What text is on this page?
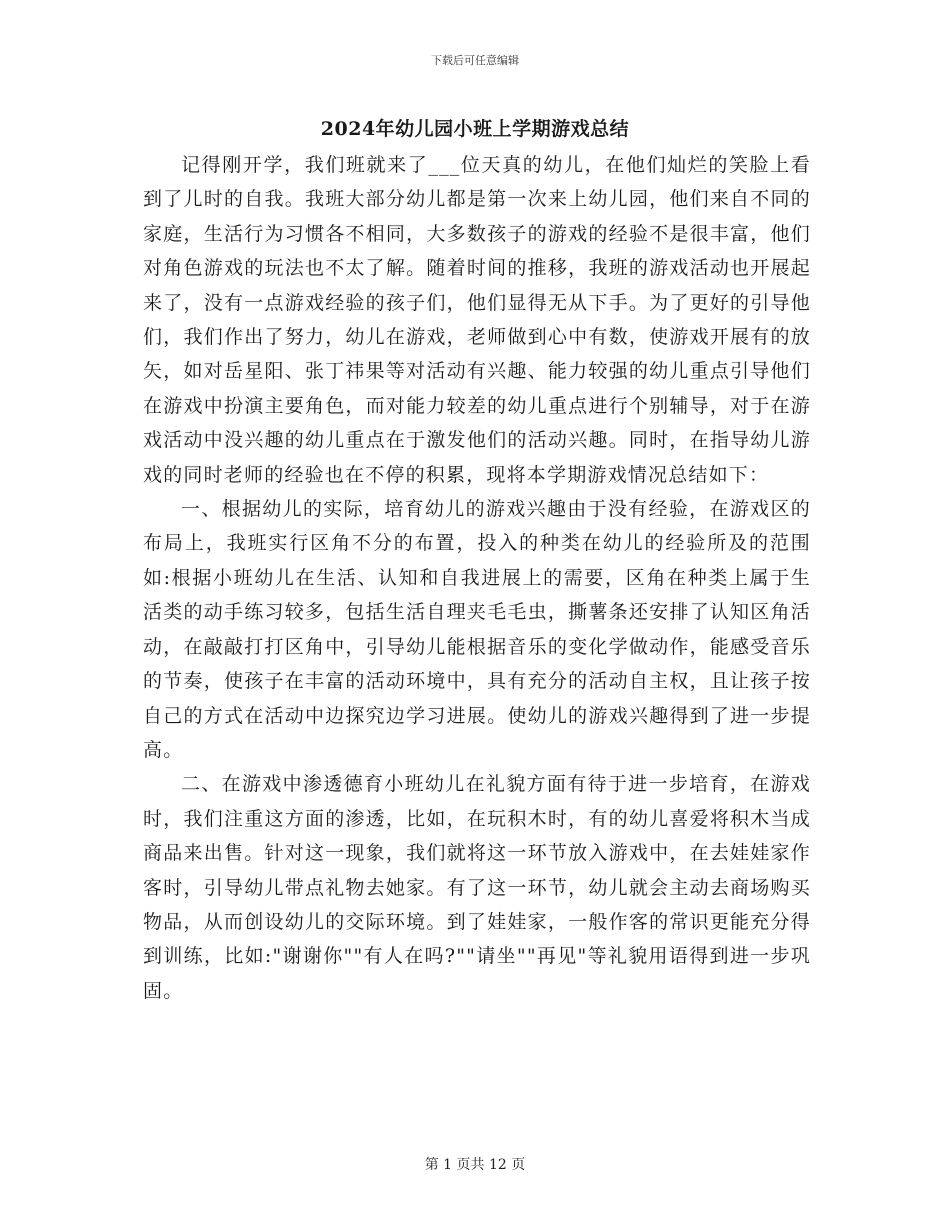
下载后可任意编辑
2024年幼儿园小班上学期游戏总结

记得刚开学，我们班就来了___位天真的幼儿，在他们灿烂的笑脸上看到了儿时的自我。我班大部分幼儿都是第一次来上幼儿园，他们来自不同的家庭，生活行为习惯各不相同，大多数孩子的游戏的经验不是很丰富，他们对角色游戏的玩法也不太了解。随着时间的推移，我班的游戏活动也开展起来了，没有一点游戏经验的孩子们，他们显得无从下手。为了更好的引导他们，我们作出了努力，幼儿在游戏，老师做到心中有数，使游戏开展有的放矢，如对岳星阳、张丁祎果等对活动有兴趣、能力较强的幼儿重点引导他们在游戏中扮演主要角色，而对能力较差的幼儿重点进行个别辅导，对于在游戏活动中没兴趣的幼儿重点在于激发他们的活动兴趣。同时，在指导幼儿游戏的同时老师的经验也在不停的积累，现将本学期游戏情况总结如下：

一、根据幼儿的实际，培育幼儿的游戏兴趣由于没有经验，在游戏区的布局上，我班实行区角不分的布置，投入的种类在幼儿的经验所及的范围如:根据小班幼儿在生活、认知和自我进展上的需要，区角在种类上属于生活类的动手练习较多，包括生活自理夹毛毛虫，撕薯条还安排了认知区角活动，在敲敲打打区角中，引导幼儿能根据音乐的变化学做动作，能感受音乐的节奏，使孩子在丰富的活动环境中，具有充分的活动自主权，且让孩子按自己的方式在活动中边探究边学习进展。使幼儿的游戏兴趣得到了进一步提高。

二、在游戏中渗透德育小班幼儿在礼貌方面有待于进一步培育，在游戏时，我们注重这方面的渗透，比如，在玩积木时，有的幼儿喜爱将积木当成商品来出售。针对这一现象，我们就将这一环节放入游戏中，在去娃娃家作客时，引导幼儿带点礼物去她家。有了这一环节，幼儿就会主动去商场购买物品，从而创设幼儿的交际环境。到了娃娃家，一般作客的常识更能充分得到训练，比如:"谢谢你""有人在吗?""请坐""再见"等礼貌用语得到进一步巩固。

第 1 页共 12 页
